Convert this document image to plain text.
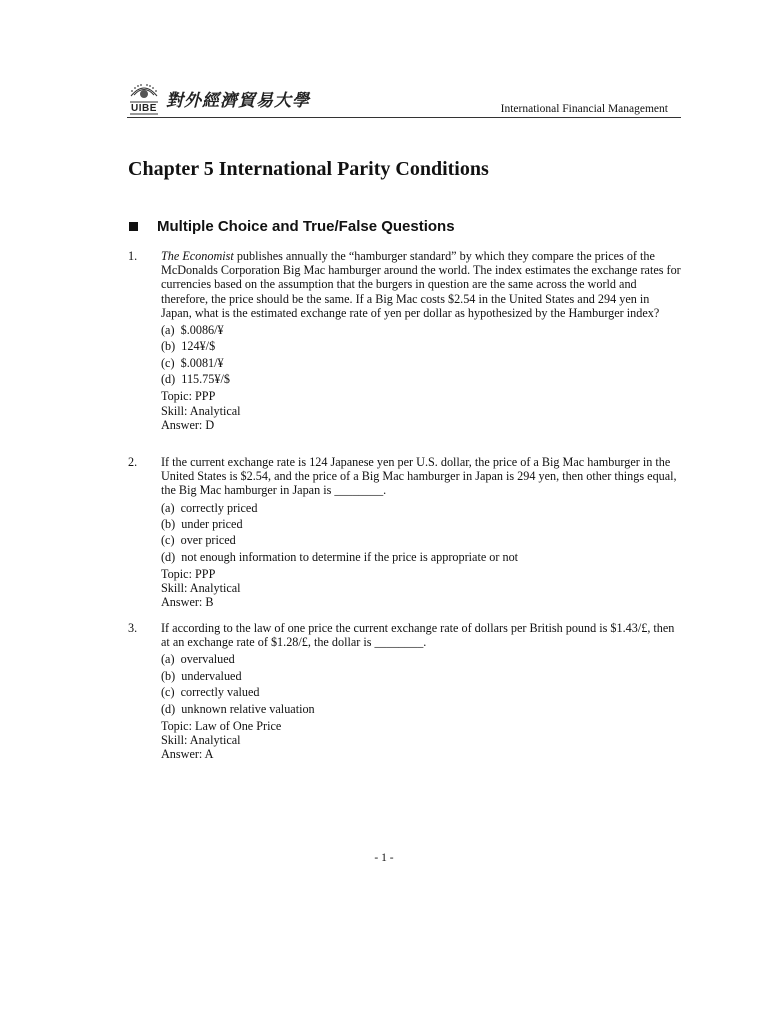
UIBE 對外經濟貿易大學	International Financial Management
Chapter 5 International Parity Conditions
Multiple Choice and True/False Questions
1. The Economist publishes annually the “hamburger standard” by which they compare the prices of the McDonalds Corporation Big Mac hamburger around the world. The index estimates the exchange rates for currencies based on the assumption that the burgers in question are the same across the world and therefore, the price should be the same. If a Big Mac costs $2.54 in the United States and 294 yen in Japan, what is the estimated exchange rate of yen per dollar as hypothesized by the Hamburger index?

(a)  $.0086/¥
(b)  124¥/$
(c)  $.0081/¥
(d)  115.75¥/$
Topic: PPP
Skill: Analytical
Answer: D
2. If the current exchange rate is 124 Japanese yen per U.S. dollar, the price of a Big Mac hamburger in the United States is $2.54, and the price of a Big Mac hamburger in Japan is 294 yen, then other things equal, the Big Mac hamburger in Japan is ________.

(a)  correctly priced
(b)  under priced
(c)  over priced
(d)  not enough information to determine if the price is appropriate or not
Topic: PPP
Skill: Analytical
Answer: B
3. If according to the law of one price the current exchange rate of dollars per British pound is $1.43/£, then at an exchange rate of $1.28/£, the dollar is ________.

(a)  overvalued
(b)  undervalued
(c)  correctly valued
(d)  unknown relative valuation
Topic: Law of One Price
Skill: Analytical
Answer: A
- 1 -
